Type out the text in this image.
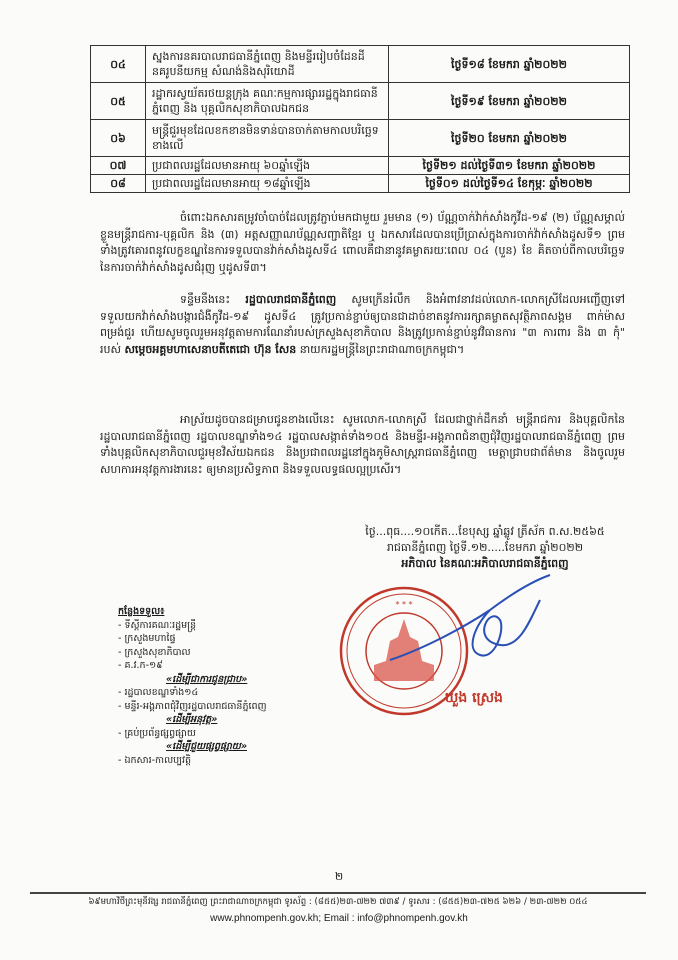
០៤	ស្នងការនគរបាលរាជធានីភ្នំពេញ និងមន្ទីររៀបចំដែនដី នគរូបនីយកម្ម សំណង់និងសុរិយោដី	ថ្ងៃទី១៨ ខែមករា ឆ្នាំ២០២២
០៥	រដ្ឋាករស្វយ័តរថយន្តក្រុង គណៈកម្មការផ្សាររដ្ឋក្នុងរាជធានីភ្នំពេញ និង បុគ្គលិកសុខាភិបាលឯកជន	ថ្ងៃទី១៩ ខែមករា ឆ្នាំ២០២២
០៦	មន្ត្រីជួរមុខដែលខកខានមិនទាន់បានចាក់តាមកាលបរិច្ឆេទខាងលើ	ថ្ងៃទី២០ ខែមករា ឆ្នាំ២០២២
០៧	ប្រជាពលរដ្ឋដែលមានអាយុ ៦០ឆ្នាំឡើង	ថ្ងៃទី២១ ដល់ថ្ងៃទី៣១ ខែមករា ឆ្នាំ២០២២
០៨	ប្រជាពលរដ្ឋដែលមានអាយុ ១៨ឆ្នាំឡើង	ថ្ងៃទី០១ ដល់ថ្ងៃទី១៤ ខែកុម្ភៈ ឆ្នាំ២០២២

ចំពោះឯកសារតម្រូវចាំបាច់ដែលត្រូវភ្ជាប់មកជាមួយ រួមមាន (១) ប័ណ្ណចាក់វ៉ាក់សាំងកូវីដ-១៩ (២) ប័ណ្ណសម្គាល់ខ្លួនមន្ត្រីរាជការ-បុគ្គលិក និង (៣) អត្តសញ្ញាណប័ណ្ណសញ្ជាតិខ្មែរ ឬ ឯកសារដែលបានប្រើប្រាស់ក្នុងការចាក់វ៉ាក់សាំងដូសទី១ ព្រមទាំងត្រូវគោរពនូវលក្ខខណ្ឌនៃការទទួលបានវ៉ាក់សាំងដូសទី៤ ពោលគឺជានានូវគម្លាតរយៈពេល ០៤ (បួន) ខែ គិតចាប់ពីកាលបរិច្ឆេទនៃការចាក់វ៉ាក់សាំងដូសជំរុញ ឬដូសទី៣។

ទន្ទឹមនឹងនេះ រដ្ឋបាលរាជធានីភ្នំពេញ សូមក្រើនរំលឹក និងអំពាវនាវដល់លោក-លោកស្រីដែលអញ្ជើញទៅទទួលយកវ៉ាក់សាំងបង្ការជំងឺកូវីដ-១៩ ដូសទី៤ ត្រូវប្រកាន់ខ្ជាប់ឲ្យបានជាដាច់ខាតនូវការរក្សាគម្លាតសុវត្ថិភាពសង្គម ពាក់ម៉ាស ពម្រង់ជួរ ហើយសូមចូលរួមអនុវត្តតាមការណែនាំរបស់ក្រសួងសុខាភិបាល និងត្រូវប្រកាន់ខ្ជាប់នូវវិធានការ "៣ ការពារ និង ៣ កុំ" របស់ សម្តេចអគ្គមហាសេនាបតីតេជោ ហ៊ុន សែន នាយករដ្ឋមន្ត្រីនៃព្រះរាជាណាចក្រកម្ពុជា។

អាស្រ័យដូចបានជម្រាបជូនខាងលើនេះ សូមលោក-លោកស្រី ដែលជាថ្នាក់ដឹកនាំ មន្ត្រីរាជការ និងបុគ្គលិកនៃរដ្ឋបាលរាជធានីភ្នំពេញ រដ្ឋបាលខណ្ឌទាំង១៤ រដ្ឋបាលសង្កាត់ទាំង១០៥ និងមន្ទីរ-អង្គភាពជំនាញជុំវិញរដ្ឋបាលរាជធានីភ្នំពេញ ព្រមទាំងបុគ្គលិកសុខាភិបាលជួរមុខវិស័យឯកជន និងប្រជាពលរដ្ឋនៅក្នុងភូមិសាស្ត្ររាជធានីភ្នំពេញ មេត្តាជ្រាបជាព័ត៌មាន និងចូលរួមសហការអនុវត្តការងារនេះ ឲ្យមានប្រសិទ្ធភាព និងទទួលលទ្ធផលល្អប្រសើរ។

ថ្ងៃ...ពុធ....១០កើត...ខែបុស្ស ឆ្នាំឆ្លូវ ត្រីស័ក ព.ស.២៥៦៥
រាជធានីភ្នំពេញ ថ្ងៃទី.១២.....ខែមករា ឆ្នាំ២០២២
អភិបាល នៃគណៈអភិបាលរាជធានីភ្នំពេញ
* * *
ឃួង ស្រេង
កន្លែងទទួល៖
- ទីស្តីការគណៈរដ្ឋមន្ត្រី
- ក្រសួងមហាផ្ទៃ
- ក្រសួងសុខាភិបាល
- គ.វ.ក-១៩
«ដើម្បីជាការជូនជ្រាប»
- រដ្ឋបាលខណ្ឌទាំង១៤
- មន្ទីរ-អង្គភាពជុំវិញរដ្ឋបាលរាជធានីភ្នំពេញ
«ដើម្បីអនុវត្ត»
- គ្រប់ប្រព័ន្ធផ្សព្វផ្សាយ
«ដើម្បីជួយផ្សព្វផ្សាយ»
- ឯកសារ-កាលប្បវត្តិ
២
៦៩មហាវិថីព្រះមុនីវង្ស រាជធានីភ្នំពេញ ព្រះរាជាណាចក្រកម្ពុជា ទូរស័ព្ទ : (៨៥៥)២៣-៧២២ ៧៣៩ / ទូរសារ : (៨៥៥)២៣-៧២៥ ៦២៦ / ២៣-៧២២ ០៥៤
www.phnompenh.gov.kh; Email : info@phnompenh.gov.kh
